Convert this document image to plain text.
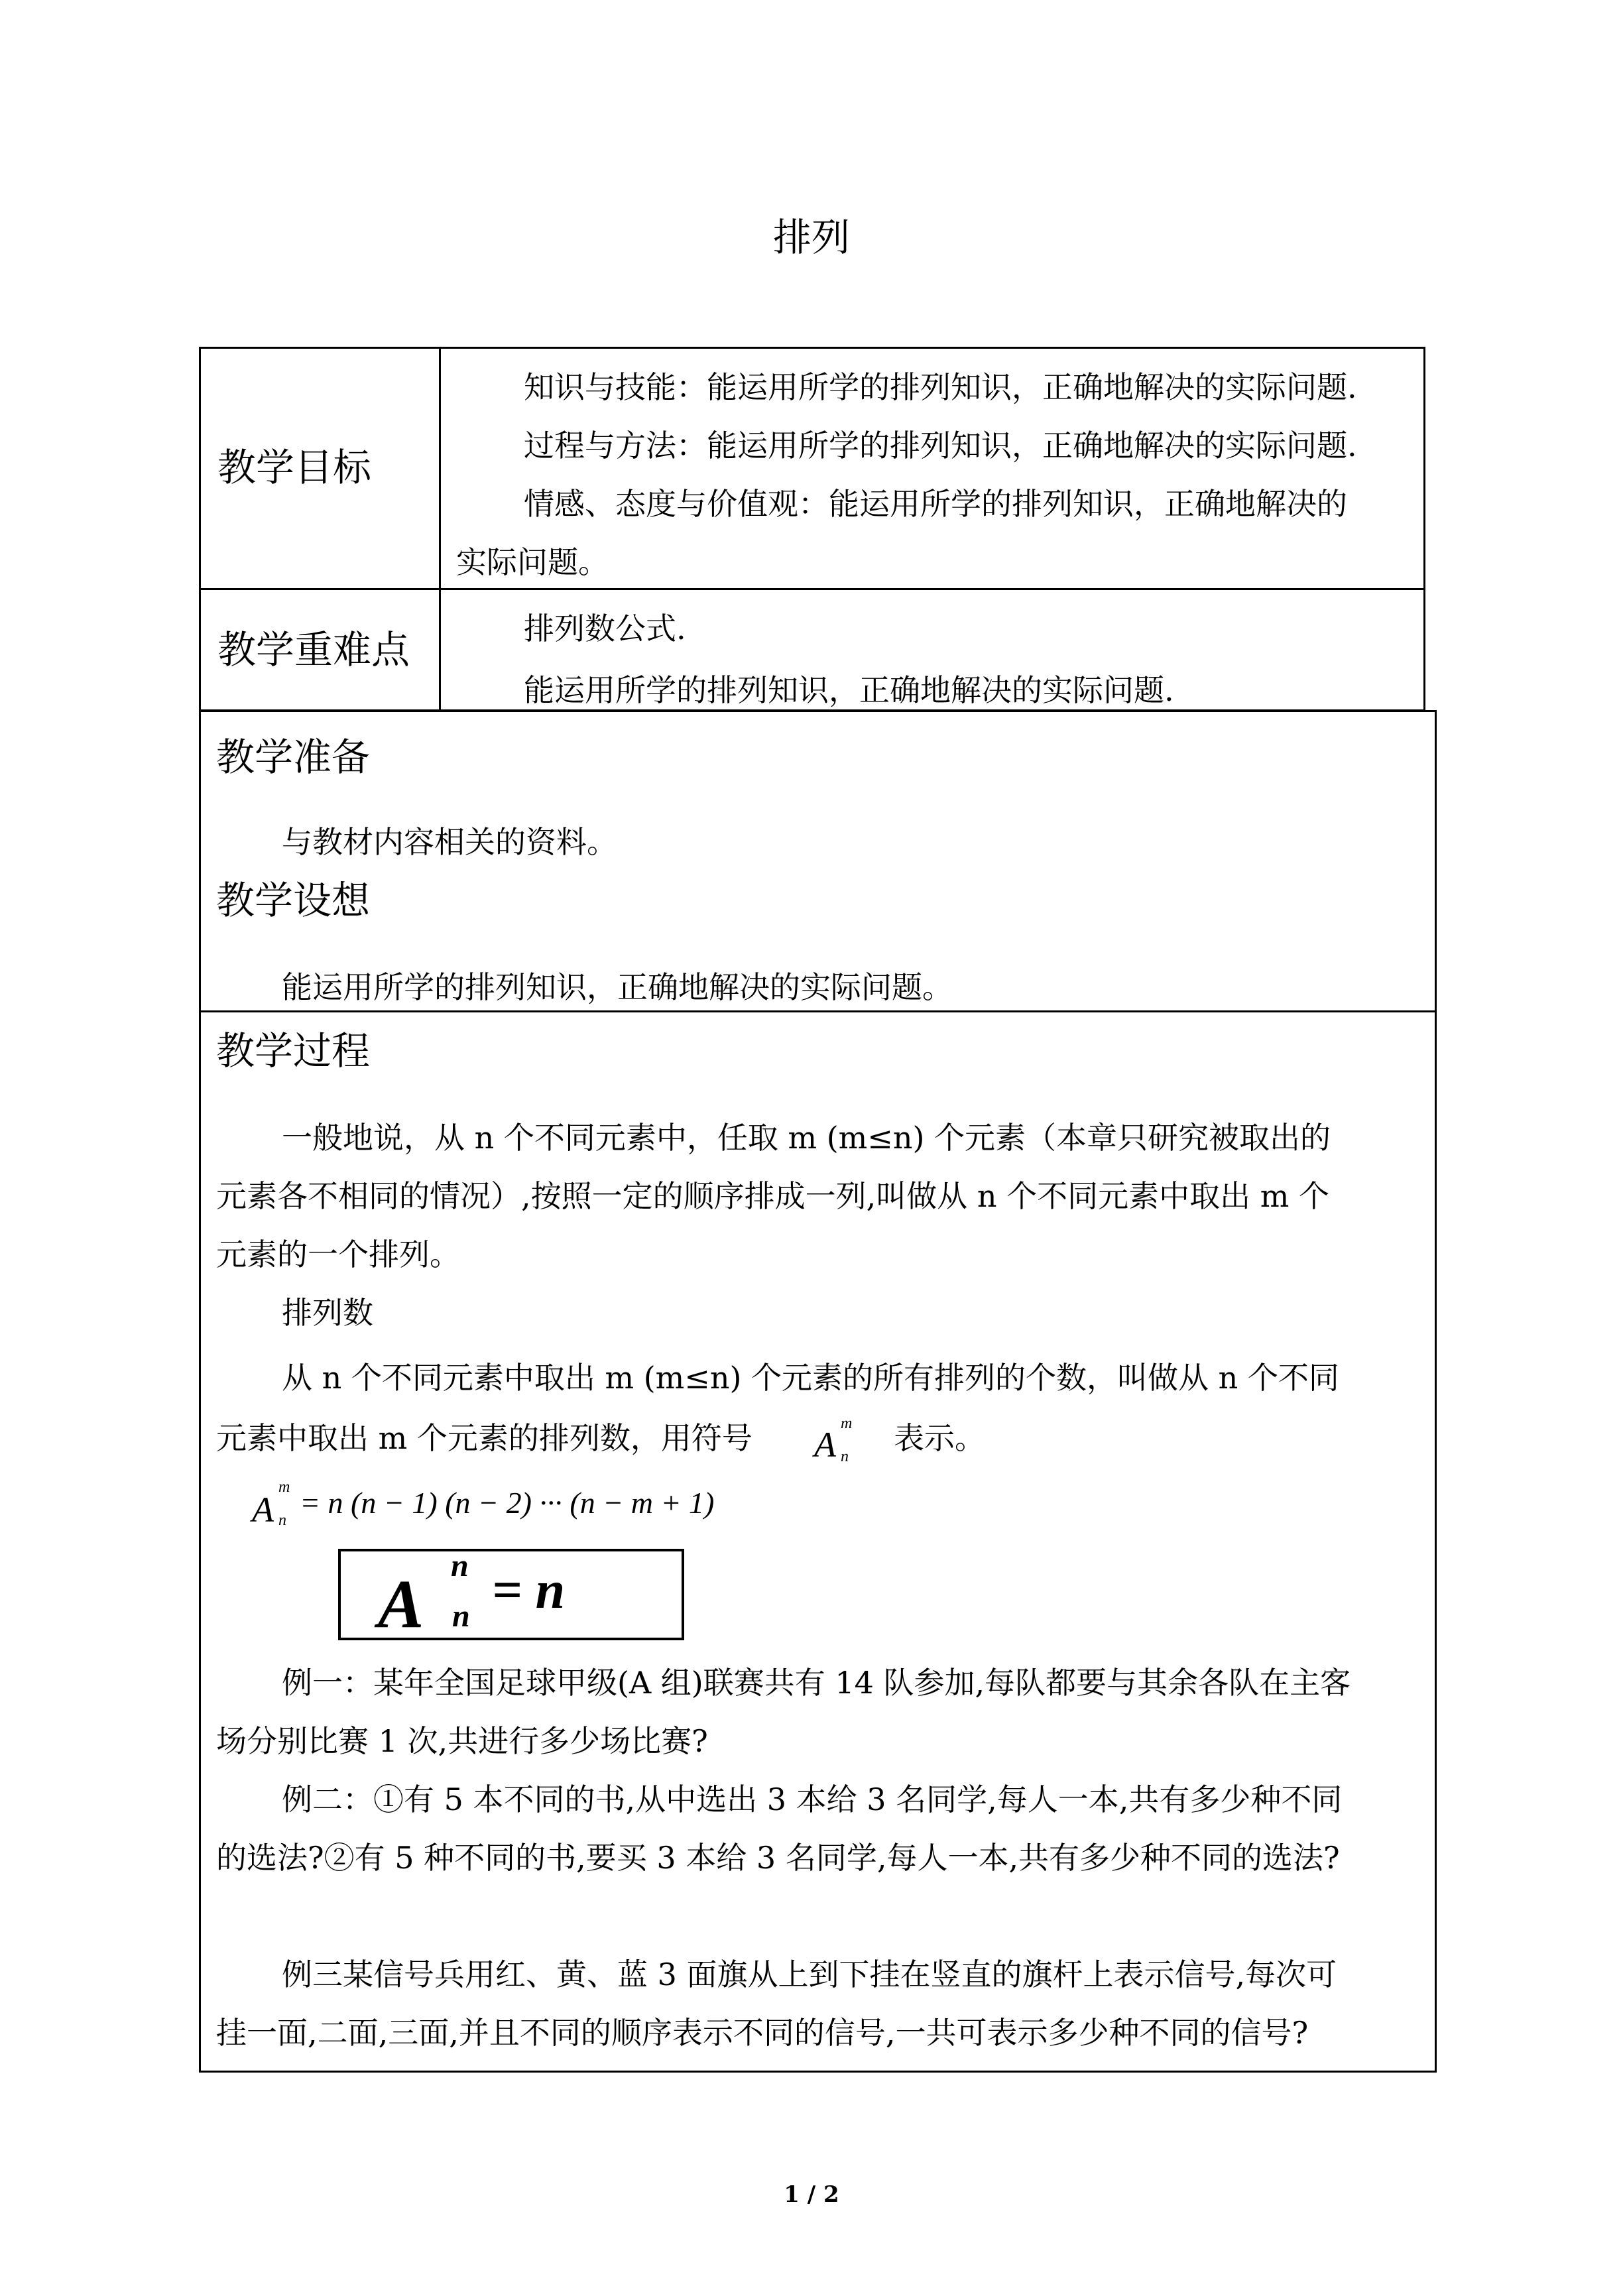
排列
教学目标
知识与技能：能运用所学的排列知识，正确地解决的实际问题.
过程与方法：能运用所学的排列知识，正确地解决的实际问题.
情感、态度与价值观：能运用所学的排列知识，正确地解决的
实际问题。
教学重难点	排列数公式.
能运用所学的排列知识，正确地解决的实际问题.
教学准备
与教材内容相关的资料。
教学设想
能运用所学的排列知识，正确地解决的实际问题。
教学过程
一般地说，从 n 个不同元素中，任取 m (m≤n) 个元素（本章只研究被取出的
元素各不相同的情况）,按照一定的顺序排成一列,叫做从 n 个不同元素中取出 m 个
元素的一个排列。
排列数
从 n 个不同元素中取出 m (m≤n) 个元素的所有排列的个数，叫做从 n 个不同
元素中取出 m 个元素的排列数，用符号 A
m
n
表示。
A
m
n
= n (n − 1) (n − 2) ··· (n − m + 1)
A
n
n = n
例一：某年全国足球甲级(A 组)联赛共有 14 队参加,每队都要与其余各队在主客
场分别比赛 1 次,共进行多少场比赛?
例二：①有 5 本不同的书,从中选出 3 本给 3 名同学,每人一本,共有多少种不同
的选法?②有 5 种不同的书,要买 3 本给 3 名同学,每人一本,共有多少种不同的选法?
例三某信号兵用红、黄、蓝 3 面旗从上到下挂在竖直的旗杆上表示信号,每次可
挂一面,二面,三面,并且不同的顺序表示不同的信号,一共可表示多少种不同的信号?
1 / 2
